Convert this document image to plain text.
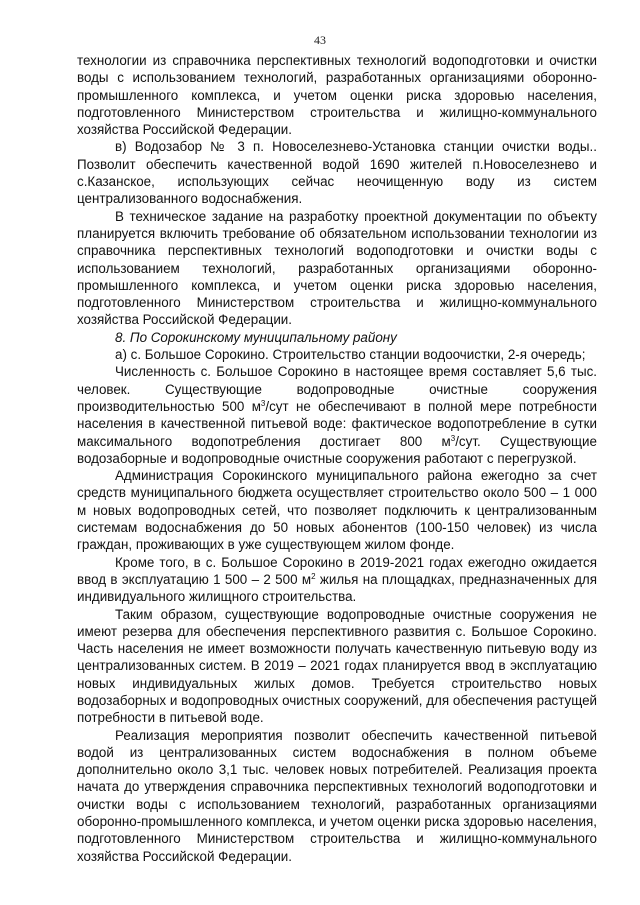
43

технологии из справочника перспективных технологий водоподготовки и очистки воды с использованием технологий, разработанных организациями оборонно-промышленного комплекса, и учетом оценки риска здоровью населения, подготовленного Министерством строительства и жилищно-коммунального хозяйства Российской Федерации.

в) Водозабор № 3 п. Новоселезнево-Установка станции очистки воды.. Позволит обеспечить качественной водой 1690 жителей п.Новоселезнево и с.Казанское, использующих сейчас неочищенную воду из систем централизованного водоснабжения.

В техническое задание на разработку проектной документации по объекту планируется включить требование об обязательном использовании технологии из справочника перспективных технологий водоподготовки и очистки воды с использованием технологий, разработанных организациями оборонно-промышленного комплекса, и учетом оценки риска здоровью населения, подготовленного Министерством строительства и жилищно-коммунального хозяйства Российской Федерации.

8. По Сорокинскому муниципальному району

а) с. Большое Сорокино. Строительство станции водоочистки, 2-я очередь;

Численность с. Большое Сорокино в настоящее время составляет 5,6 тыс. человек. Существующие водопроводные очистные сооружения производительностью 500 $м^3$/сут не обеспечивают в полной мере потребности населения в качественной питьевой воде: фактическое водопотребление в сутки максимального водопотребления достигает 800 $м^3$/сут. Существующие водозаборные и водопроводные очистные сооружения работают с перегрузкой.

Администрация Сорокинского муниципального района ежегодно за счет средств муниципального бюджета осуществляет строительство около 500 – 1 000 м новых водопроводных сетей, что позволяет подключить к централизованным системам водоснабжения до 50 новых абонентов (100-150 человек) из числа граждан, проживающих в уже существующем жилом фонде.

Кроме того, в с. Большое Сорокино в 2019-2021 годах ежегодно ожидается ввод в эксплуатацию 1 500 – 2 500 $м^2$ жилья на площадках, предназначенных для индивидуального жилищного строительства.

Таким образом, существующие водопроводные очистные сооружения не имеют резерва для обеспечения перспективного развития с. Большое Сорокино. Часть населения не имеет возможности получать качественную питьевую воду из централизованных систем. В 2019 – 2021 годах планируется ввод в эксплуатацию новых индивидуальных жилых домов. Требуется строительство новых водозаборных и водопроводных очистных сооружений, для обеспечения растущей потребности в питьевой воде.

Реализация мероприятия позволит обеспечить качественной питьевой водой из централизованных систем водоснабжения в полном объеме дополнительно около 3,1 тыс. человек новых потребителей. Реализация проекта начата до утверждения справочника перспективных технологий водоподготовки и очистки воды с использованием технологий, разработанных организациями оборонно-промышленного комплекса, и учетом оценки риска здоровью населения, подготовленного Министерством строительства и жилищно-коммунального хозяйства Российской Федерации.
